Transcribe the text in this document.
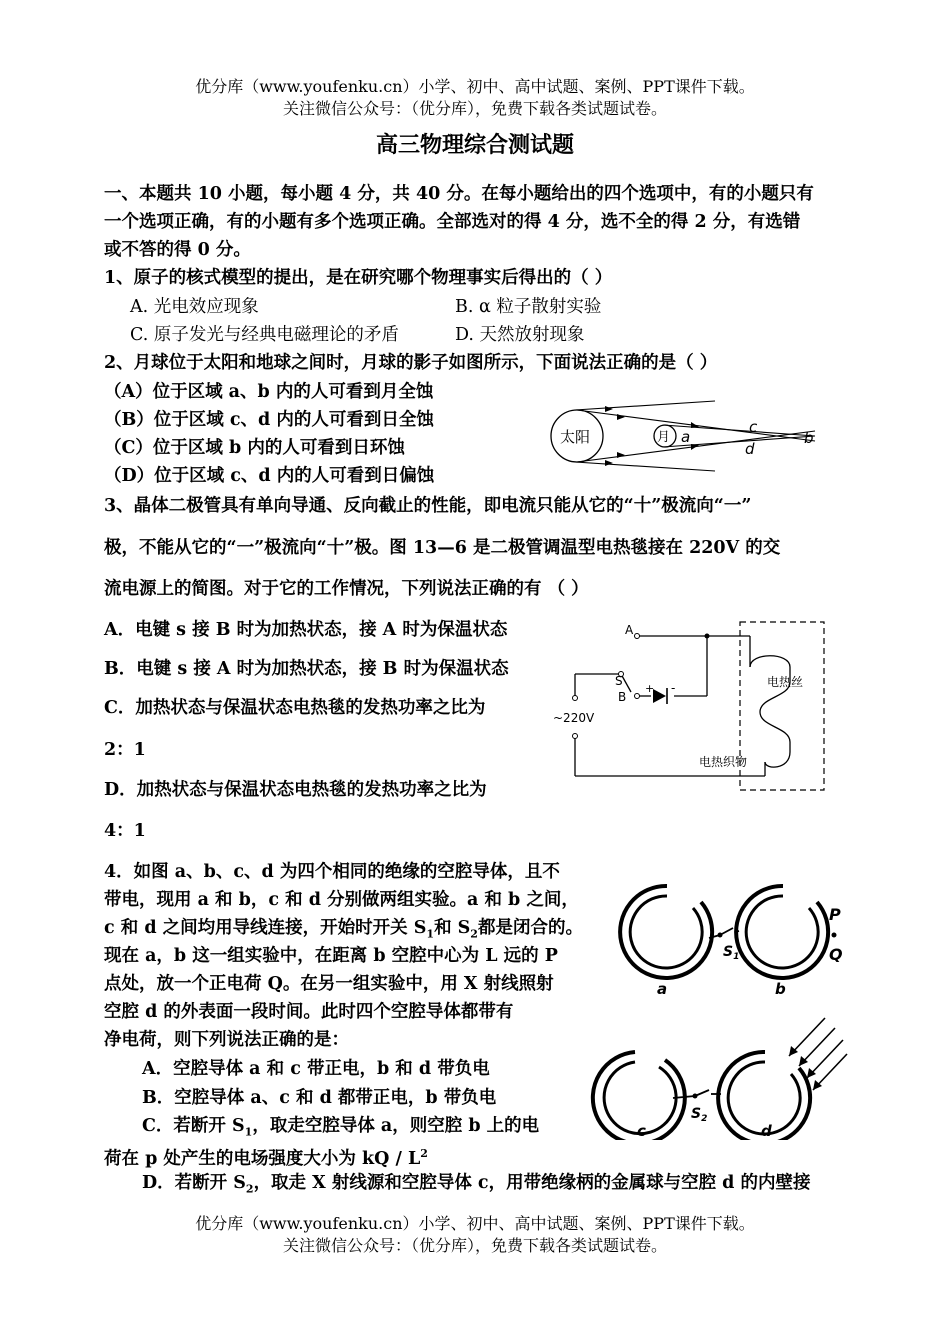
优分库（www.youfenku.cn）小学、初中、高中试题、案例、PPT课件下载。
关注微信公众号：（优分库），免费下载各类试题试卷。
高三物理综合测试题
一、本题共 10 小题，每小题 4 分，共 40 分。在每小题给出的四个选项中，有的小题只有
一个选项正确，有的小题有多个选项正确。全部选对的得 4 分，选不全的得 2 分，有选错
或不答的得 0 分。
1、原子的核式模型的提出，是在研究哪个物理事实后得出的（ ）
A. 光电效应现象	B. α 粒子散射实验
C. 原子发光与经典电磁理论的矛盾	D. 天然放射现象
2、月球位于太阳和地球之间时，月球的影子如图所示，下面说法正确的是（ ）
（A）位于区域 a、b 内的人可看到月全蚀
（B）位于区域 c、d 内的人可看到日全蚀
（C）位于区域 b 内的人可看到日环蚀
（D）位于区域 c、d 内的人可看到日偏蚀
太阳	月 a
c
d
b
3、晶体二极管具有单向导通、反向截止的性能，即电流只能从它的“十”极流向“一”
极，不能从它的“一”极流向“十”极。图 13—6 是二极管调温型电热毯接在 220V 的交
流电源上的简图。对于它的工作情况，下列说法正确的有 （ ）
A．电键 s 接 B 时为加热状态，接 A 时为保温状态
B．电键 s 接 A 时为加热状态，接 B 时为保温状态
C．加热状态与保温状态电热毯的发热功率之比为
2：1
D．加热状态与保温状态电热毯的发热功率之比为
4：1
A
B
S
+ -
~220V
电热丝
电热织物
4．如图 a、b、c、d 为四个相同的绝缘的空腔导体，且不
带电，现用 a 和 b，c 和 d 分别做两组实验。a 和 b 之间，
c 和 d 之间均用导线连接，开始时开关 $S_1$和 $S_2$都是闭合的。
现在 a，b 这一组实验中，在距离 b 空腔中心为 L 远的 P
点处，放一个正电荷 Q。在另一组实验中，用 X 射线照射
空腔 d 的外表面一段时间。此时四个空腔导体都带有
净电荷，则下列说法正确的是：
A．空腔导体 a 和 c 带正电，b 和 d 带负电
B．空腔导体 a、c 和 d 都带正电，b 带负电
C．若断开 $S_1$，取走空腔导体 a，则空腔 b 上的电
荷在 p 处产生的电场强度大小为 kQ / $L^2$
D．若断开 $S_2$，取走 X 射线源和空腔导体 c，用带绝缘柄的金属球与空腔 d 的内壁接
$S_1$
a	b
P
Q
$S_2$
c	d
优分库（www.youfenku.cn）小学、初中、高中试题、案例、PPT课件下载。
关注微信公众号：（优分库），免费下载各类试题试卷。
